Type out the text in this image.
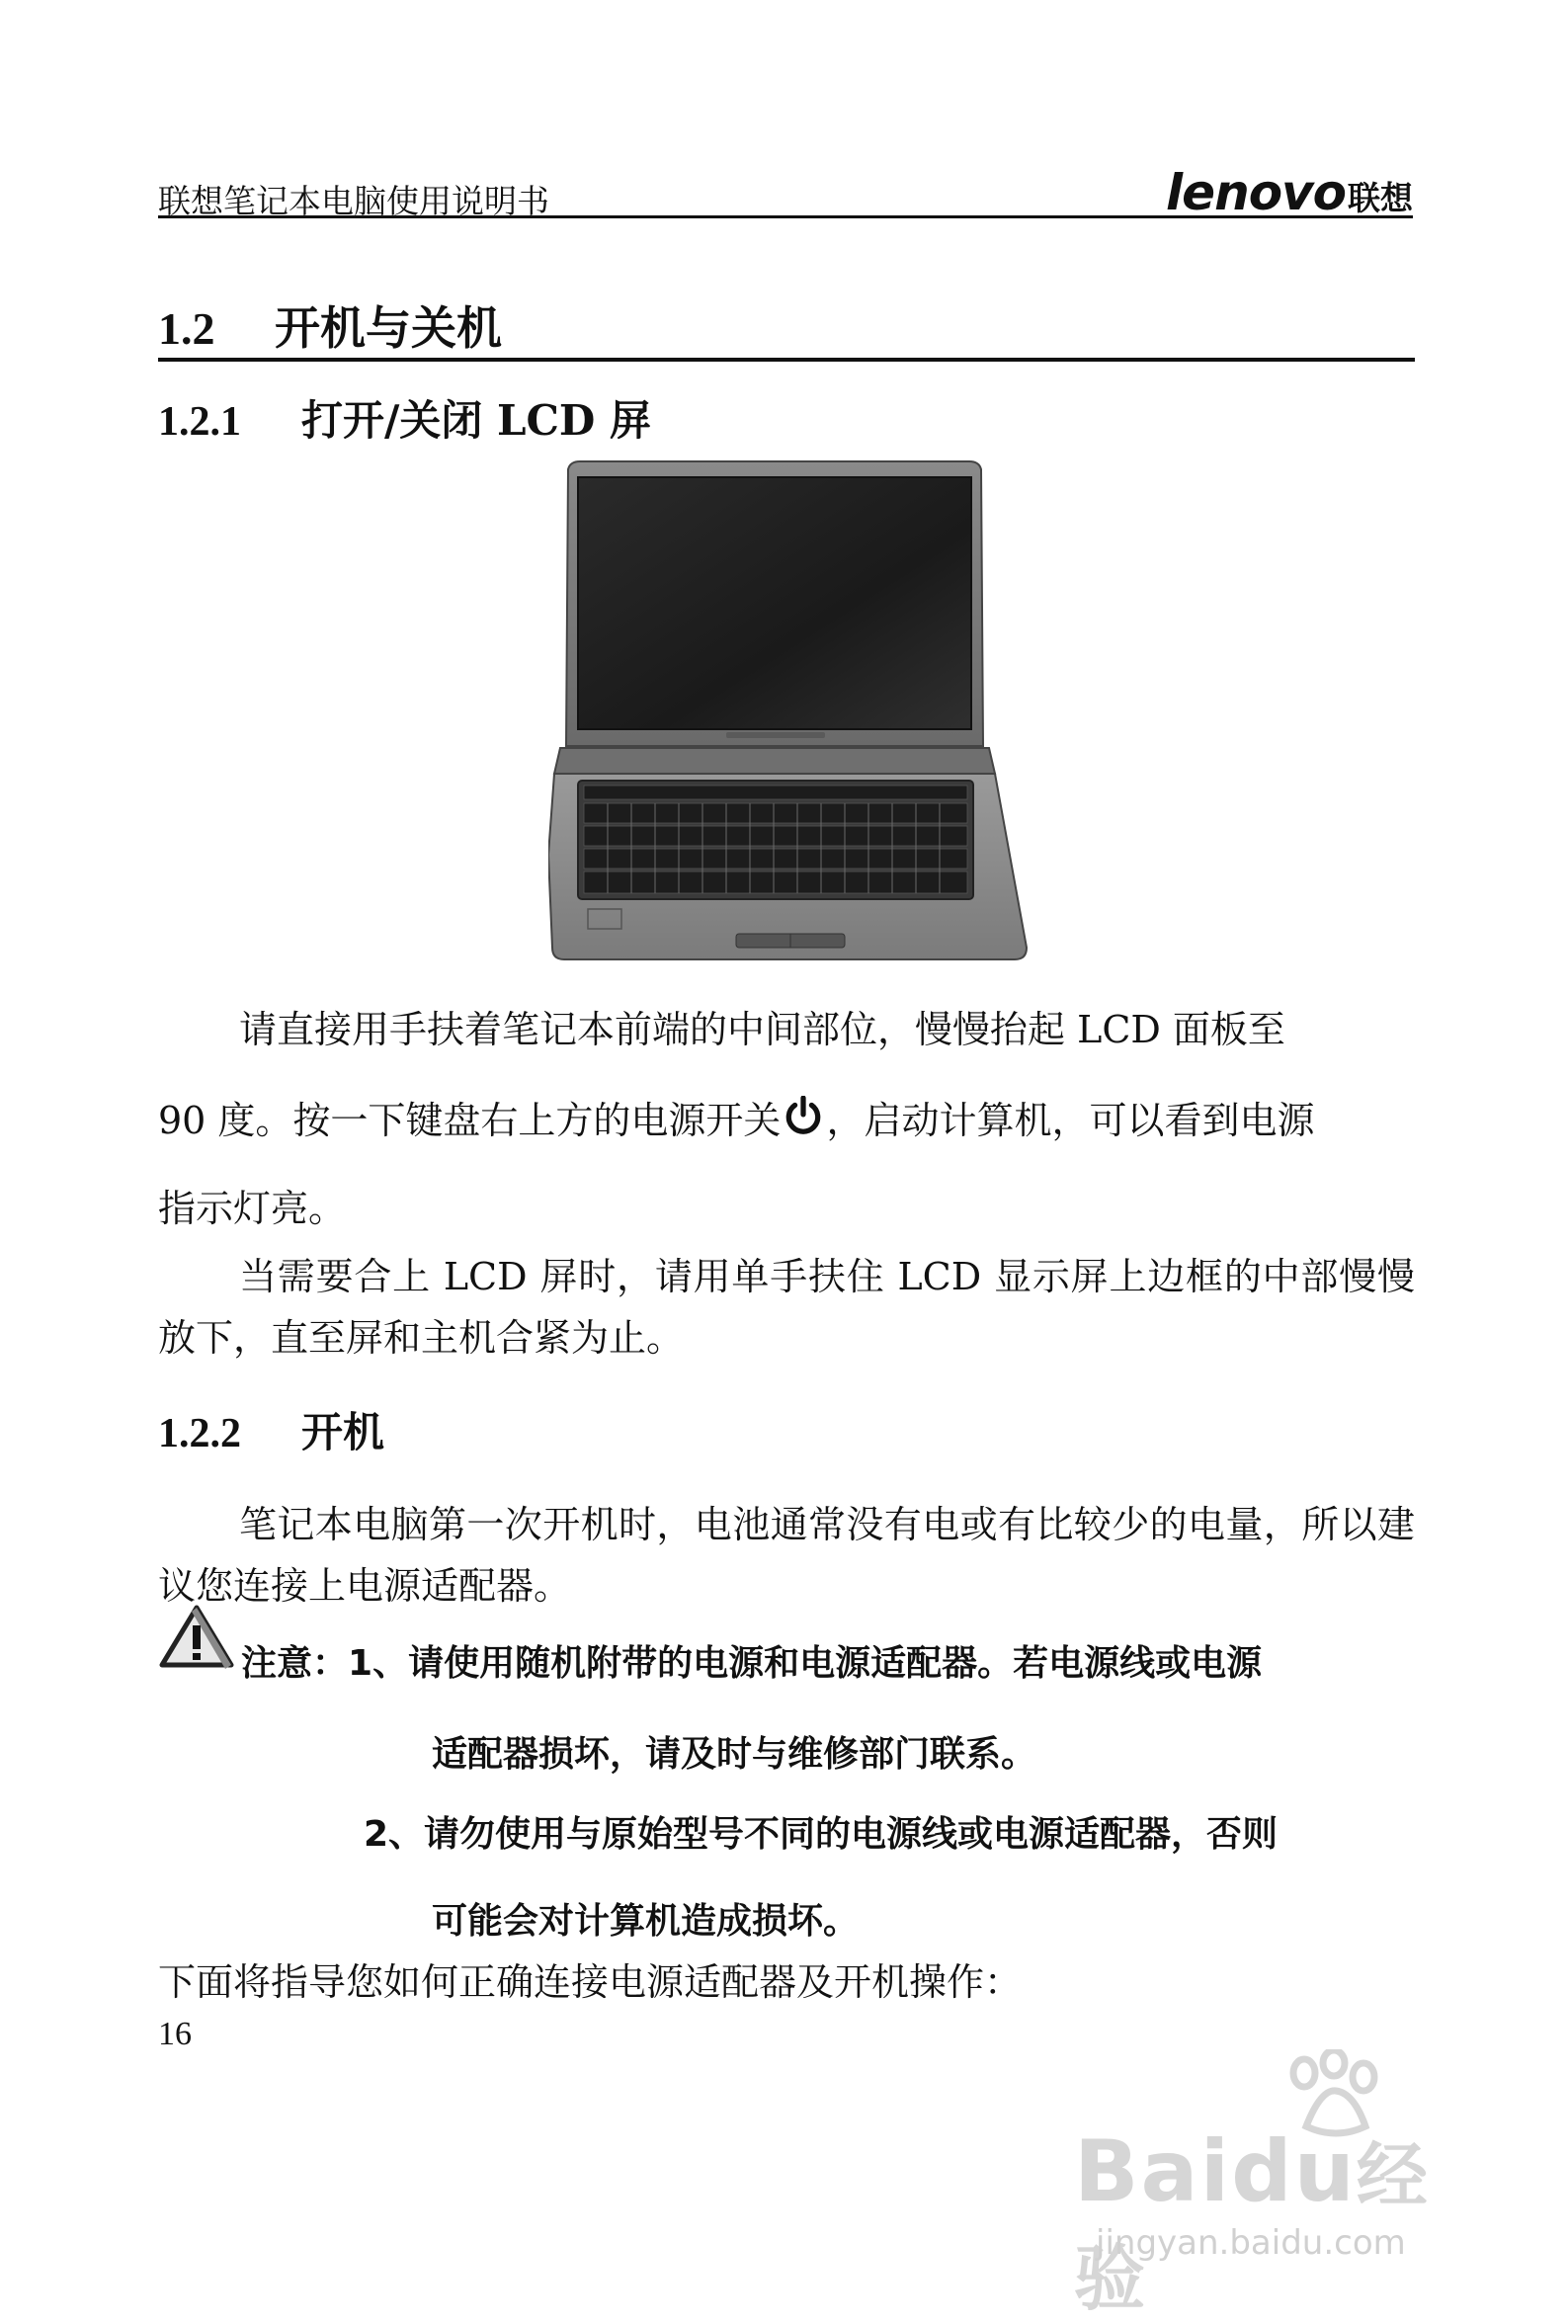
联想笔记本电脑使用说明书	lenovo 联想
1.2 开机与关机
1.2.1 打开/关闭 LCD 屏
请直接用手扶着笔记本前端的中间部位，慢慢抬起 LCD 面板至
90 度。按一下键盘右上方的电源开关 ，启动计算机，可以看到电源
指示灯亮。
当需要合上 LCD 屏时，请用单手扶住 LCD 显示屏上边框的中部慢慢放下，直至屏和主机合紧为止。
1.2.2 开机
笔记本电脑第一次开机时，电池通常没有电或有比较少的电量，所以建议您连接上电源适配器。
注意：1、请使用随机附带的电源和电源适配器。若电源线或电源
适配器损坏，请及时与维修部门联系。
2、请勿使用与原始型号不同的电源线或电源适配器，否则
可能会对计算机造成损坏。
下面将指导您如何正确连接电源适配器及开机操作：
16
Baidu经验
jingyan.baidu.com
